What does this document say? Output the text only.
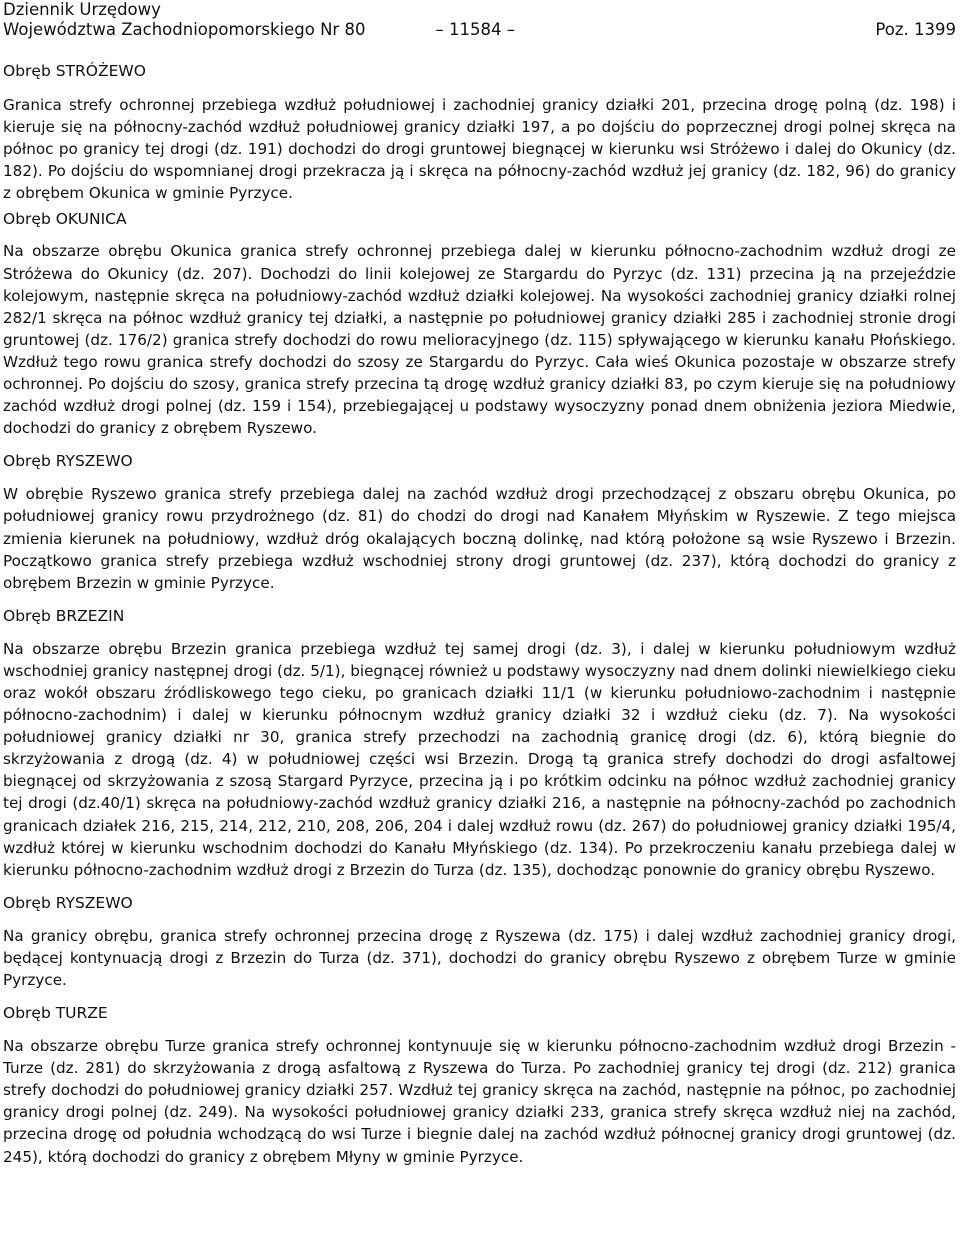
Dziennik Urzędowy
Województwa Zachodniopomorskiego Nr 80	– 11584 –	Poz. 1399
Obręb STRÓŻEWO

Granica strefy ochronnej przebiega wzdłuż południowej i zachodniej granicy działki 201, przecina drogę polną (dz. 198) i kieruje się na północny-zachód wzdłuż południowej granicy działki 197, a po dojściu do poprzecznej drogi polnej skręca na północ po granicy tej drogi (dz. 191) dochodzi do drogi gruntowej biegnącej w kierunku wsi Stróżewo i dalej do Okunicy (dz. 182). Po dojściu do wspomnianej drogi przekracza ją i skręca na północny-zachód wzdłuż jej granicy (dz. 182, 96) do granicy z obrębem Okunica w gminie Pyrzyce.

Obręb OKUNICA

Na obszarze obrębu Okunica granica strefy ochronnej przebiega dalej w kierunku północno-zachodnim wzdłuż drogi ze Stróżewa do Okunicy (dz. 207). Dochodzi do linii kolejowej ze Stargardu do Pyrzyc (dz. 131) przecina ją na przejeździe kolejowym, następnie skręca na południowy-zachód wzdłuż działki kolejowej. Na wysokości zachodniej granicy działki rolnej 282/1 skręca na północ wzdłuż granicy tej działki, a następnie po południowej granicy działki 285 i zachodniej stronie drogi gruntowej (dz. 176/2) granica strefy dochodzi do rowu melioracyjnego (dz. 115) spływającego w kierunku kanału Płońskiego. Wzdłuż tego rowu granica strefy dochodzi do szosy ze Stargardu do Pyrzyc. Cała wieś Okunica pozostaje w obszarze strefy ochronnej. Po dojściu do szosy, granica strefy przecina tą drogę wzdłuż granicy działki 83, po czym kieruje się na południowy zachód wzdłuż drogi polnej (dz. 159 i 154), przebiegającej u podstawy wysoczyzny ponad dnem obniżenia jeziora Miedwie, dochodzi do granicy z obrębem Ryszewo.

Obręb RYSZEWO

W obrębie Ryszewo granica strefy przebiega dalej na zachód wzdłuż drogi przechodzącej z obszaru obrębu Okunica, po południowej granicy rowu przydrożnego (dz. 81) do chodzi do drogi nad Kanałem Młyńskim w Ryszewie. Z tego miejsca zmienia kierunek na południowy, wzdłuż dróg okalających boczną dolinkę, nad którą położone są wsie Ryszewo i Brzezin. Początkowo granica strefy przebiega wzdłuż wschodniej strony drogi gruntowej (dz. 237), którą dochodzi do granicy z obrębem Brzezin w gminie Pyrzyce.

Obręb BRZEZIN

Na obszarze obrębu Brzezin granica przebiega wzdłuż tej samej drogi (dz. 3), i dalej w kierunku południowym wzdłuż wschodniej granicy następnej drogi (dz. 5/1), biegnącej również u podstawy wysoczyzny nad dnem dolinki niewielkiego cieku oraz wokół obszaru źródliskowego tego cieku, po granicach działki 11/1 (w kierunku południowo-zachodnim i następnie północno-zachodnim) i dalej w kierunku północnym wzdłuż granicy działki 32 i wzdłuż cieku (dz. 7). Na wysokości południowej granicy działki nr 30, granica strefy przechodzi na zachodnią granicę drogi (dz. 6), którą biegnie do skrzyżowania z drogą (dz. 4) w południowej części wsi Brzezin. Drogą tą granica strefy dochodzi do drogi asfaltowej biegnącej od skrzyżowania z szosą Stargard Pyrzyce, przecina ją i po krótkim odcinku na północ wzdłuż zachodniej granicy tej drogi (dz.40/1) skręca na południowy-zachód wzdłuż granicy działki 216, a następnie na północny-zachód po zachodnich granicach działek 216, 215, 214, 212, 210, 208, 206, 204 i dalej wzdłuż rowu (dz. 267) do południowej granicy działki 195/4, wzdłuż której w kierunku wschodnim dochodzi do Kanału Młyńskiego (dz. 134). Po przekroczeniu kanału przebiega dalej w kierunku północno-zachodnim wzdłuż drogi z Brzezin do Turza (dz. 135), dochodząc ponownie do granicy obrębu Ryszewo.

Obręb RYSZEWO

Na granicy obrębu, granica strefy ochronnej przecina drogę z Ryszewa (dz. 175) i dalej wzdłuż zachodniej granicy drogi, będącej kontynuacją drogi z Brzezin do Turza (dz. 371), dochodzi do granicy obrębu Ryszewo z obrębem Turze w gminie Pyrzyce.

Obręb TURZE

Na obszarze obrębu Turze granica strefy ochronnej kontynuuje się w kierunku północno-zachodnim wzdłuż drogi Brzezin - Turze (dz. 281) do skrzyżowania z drogą asfaltową z Ryszewa do Turza. Po zachodniej granicy tej drogi (dz. 212) granica strefy dochodzi do południowej granicy działki 257. Wzdłuż tej granicy skręca na zachód, następnie na północ, po zachodniej granicy drogi polnej (dz. 249). Na wysokości południowej granicy działki 233, granica strefy skręca wzdłuż niej na zachód, przecina drogę od południa wchodzącą do wsi Turze i biegnie dalej na zachód wzdłuż północnej granicy drogi gruntowej (dz. 245), którą dochodzi do granicy z obrębem Młyny w gminie Pyrzyce.
